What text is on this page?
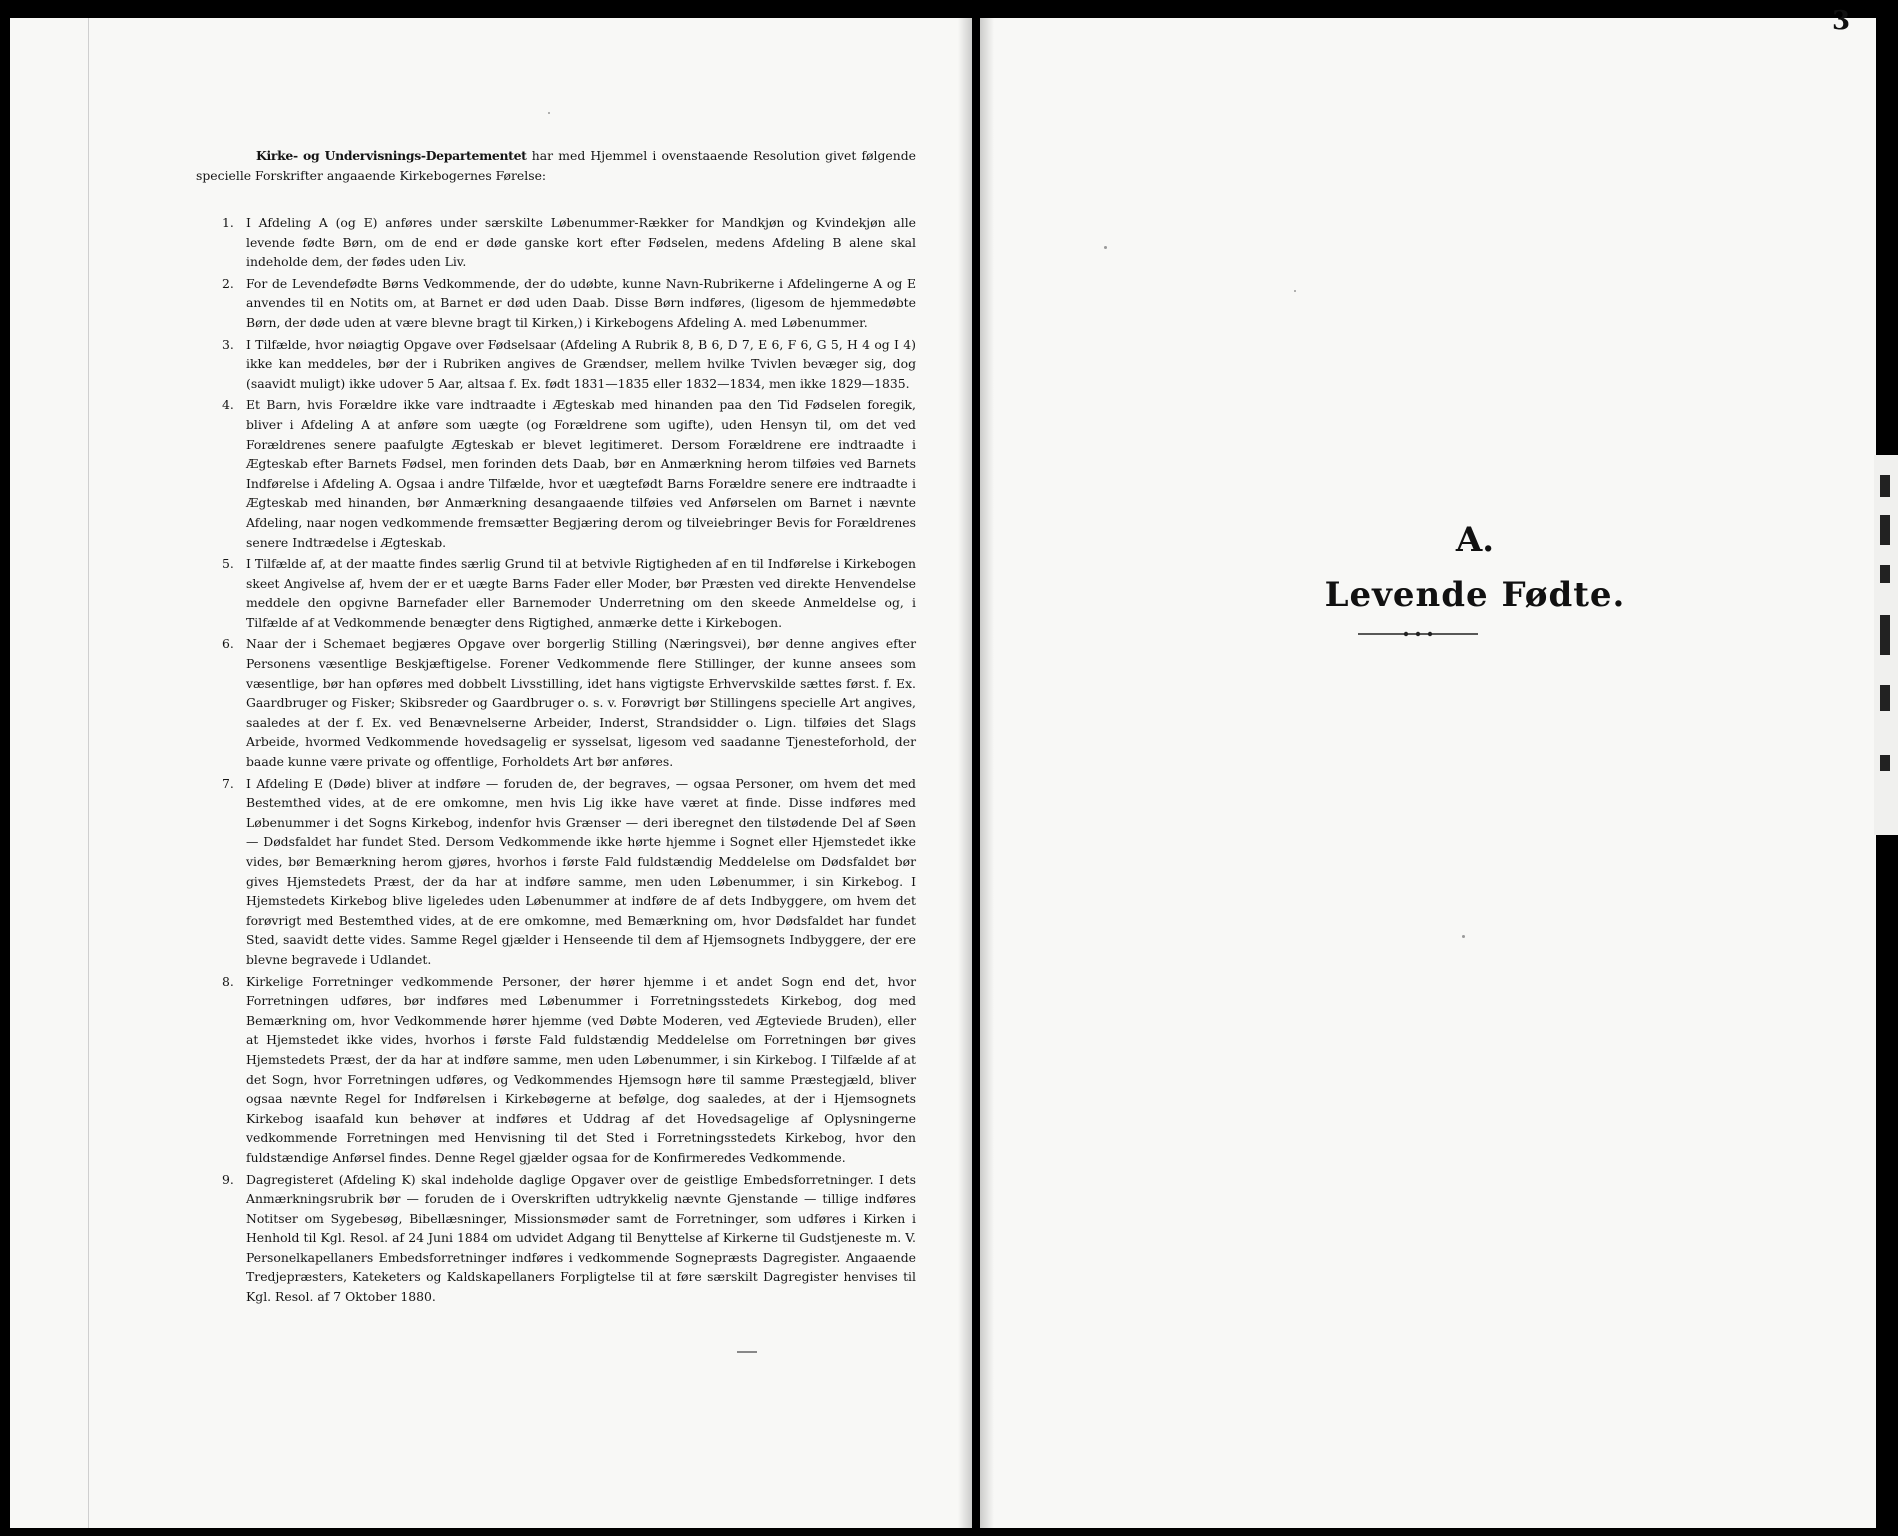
Kirke- og Undervisnings-Departementet har med Hjemmel i ovenstaaende Resolution givet følgende specielle Forskrifter angaaende Kirkebogernes Førelse:

1. I Afdeling A (og E) anføres under særskilte Løbenummer-Rækker for Mandkjøn og Kvindekjøn alle levende fødte Børn, om de end er døde ganske kort efter Fødselen, medens Afdeling B alene skal indeholde dem, der fødes uden Liv.

2. For de Levendefødte Børns Vedkommende, der do udøbte, kunne Navn-Rubrikerne i Afdelingerne A og E anvendes til en Notits om, at Barnet er død uden Daab. Disse Børn indføres, (ligesom de hjemmedøbte Børn, der døde uden at være blevne bragt til Kirken,) i Kirkebogens Afdeling A. med Løbenummer.

3. I Tilfælde, hvor nøiagtig Opgave over Fødselsaar (Afdeling A Rubrik 8, B 6, D 7, E 6, F 6, G 5, H 4 og I 4) ikke kan meddeles, bør der i Rubriken angives de Grændser, mellem hvilke Tvivlen bevæger sig, dog (saavidt muligt) ikke udover 5 Aar, altsaa f. Ex. født 1831—1835 eller 1832—1834, men ikke 1829—1835.

4. Et Barn, hvis Forældre ikke vare indtraadte i Ægteskab med hinanden paa den Tid Fødselen foregik, bliver i Afdeling A at anføre som uægte (og Forældrene som ugifte), uden Hensyn til, om det ved Forældrenes senere paafulgte Ægteskab er blevet legitimeret. Dersom Forældrene ere indtraadte i Ægteskab efter Barnets Fødsel, men forinden dets Daab, bør en Anmærkning herom tilføies ved Barnets Indførelse i Afdeling A. Ogsaa i andre Tilfælde, hvor et uægtefødt Barns Forældre senere ere indtraadte i Ægteskab med hinanden, bør Anmærkning desangaaende tilføies ved Anførselen om Barnet i nævnte Afdeling, naar nogen vedkommende fremsætter Begjæring derom og tilveiebringer Bevis for Forældrenes senere Indtrædelse i Ægteskab.

5. I Tilfælde af, at der maatte findes særlig Grund til at betvivle Rigtigheden af en til Indførelse i Kirkebogen skeet Angivelse af, hvem der er et uægte Barns Fader eller Moder, bør Præsten ved direkte Henvendelse meddele den opgivne Barnefader eller Barnemoder Underretning om den skeede Anmeldelse og, i Tilfælde af at Vedkommende benægter dens Rigtighed, anmærke dette i Kirkebogen.

6. Naar der i Schemaet begjæres Opgave over borgerlig Stilling (Næringsvei), bør denne angives efter Personens væsentlige Beskjæftigelse. Forener Vedkommende flere Stillinger, der kunne ansees som væsentlige, bør han opføres med dobbelt Livsstilling, idet hans vigtigste Erhvervskilde sættes først. f. Ex. Gaardbruger og Fisker; Skibsreder og Gaardbruger o. s. v. Forøvrigt bør Stillingens specielle Art angives, saaledes at der f. Ex. ved Benævnelserne Arbeider, Inderst, Strandsidder o. Lign. tilføies det Slags Arbeide, hvormed Vedkommende hovedsagelig er sysselsat, ligesom ved saadanne Tjenesteforhold, der baade kunne være private og offentlige, Forholdets Art bør anføres.

7. I Afdeling E (Døde) bliver at indføre — foruden de, der begraves, — ogsaa Personer, om hvem det med Bestemthed vides, at de ere omkomne, men hvis Lig ikke have været at finde. Disse indføres med Løbenummer i det Sogns Kirkebog, indenfor hvis Grænser — deri iberegnet den tilstødende Del af Søen — Dødsfaldet har fundet Sted. Dersom Vedkommende ikke hørte hjemme i Sognet eller Hjemstedet ikke vides, bør Bemærkning herom gjøres, hvorhos i første Fald fuldstændig Meddelelse om Dødsfaldet bør gives Hjemstedets Præst, der da har at indføre samme, men uden Løbenummer, i sin Kirkebog. I Hjemstedets Kirkebog blive ligeledes uden Løbenummer at indføre de af dets Indbyggere, om hvem det forøvrigt med Bestemthed vides, at de ere omkomne, med Bemærkning om, hvor Dødsfaldet har fundet Sted, saavidt dette vides. Samme Regel gjælder i Henseende til dem af Hjemsognets Indbyggere, der ere blevne begravede i Udlandet.

8. Kirkelige Forretninger vedkommende Personer, der hører hjemme i et andet Sogn end det, hvor Forretningen udføres, bør indføres med Løbenummer i Forretningsstedets Kirkebog, dog med Bemærkning om, hvor Vedkommende hører hjemme (ved Døbte Moderen, ved Ægteviede Bruden), eller at Hjemstedet ikke vides, hvorhos i første Fald fuldstændig Meddelelse om Forretningen bør gives Hjemstedets Præst, der da har at indføre samme, men uden Løbenummer, i sin Kirkebog. I Tilfælde af at det Sogn, hvor Forretningen udføres, og Vedkommendes Hjemsogn høre til samme Præstegjæld, bliver ogsaa nævnte Regel for Indførelsen i Kirkebøgerne at befølge, dog saaledes, at der i Hjemsognets Kirkebog isaafald kun behøver at indføres et Uddrag af det Hovedsagelige af Oplysningerne vedkommende Forretningen med Henvisning til det Sted i Forretningsstedets Kirkebog, hvor den fuldstændige Anførsel findes. Denne Regel gjælder ogsaa for de Konfirmeredes Vedkommende.

9. Dagregisteret (Afdeling K) skal indeholde daglige Opgaver over de geistlige Embedsforretninger. I dets Anmærkningsrubrik bør — foruden de i Overskriften udtrykkelig nævnte Gjenstande — tillige indføres Notitser om Sygebesøg, Bibellæsninger, Missionsmøder samt de Forretninger, som udføres i Kirken i Henhold til Kgl. Resol. af 24 Juni 1884 om udvidet Adgang til Benyttelse af Kirkerne til Gudstjeneste m. V. Personelkapellaners Embedsforretninger indføres i vedkommende Sognepræsts Dagregister. Angaaende Tredjepræsters, Kateketers og Kaldskapellaners Forpligtelse til at føre særskilt Dagregister henvises til Kgl. Resol. af 7 Oktober 1880.

3
A.
Levende Fødte.
